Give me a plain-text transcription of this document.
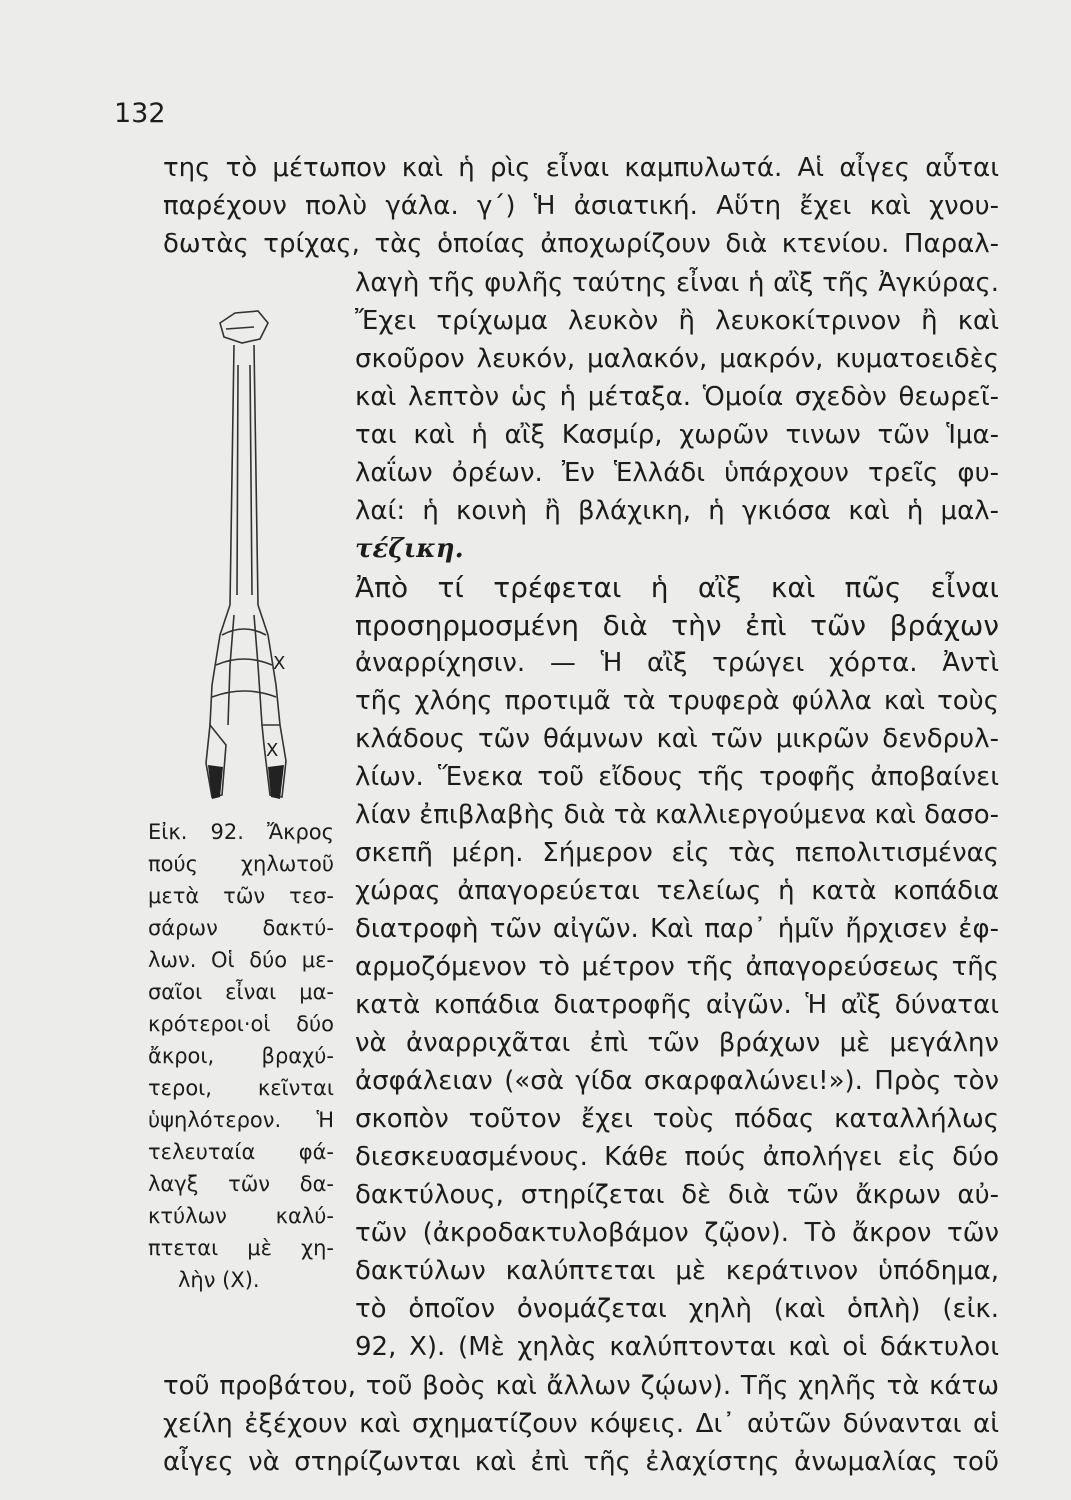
132
της τὸ μέτωπον καὶ ἡ ρὶς εἶναι καμπυλωτά. Αἱ αἶγες αὗται
παρέχουν πολὺ γάλα. γ΄) Ἡ ἀσιατική. Αὕτη ἔχει καὶ χνου-
δωτὰς τρίχας, τὰς ὁποίας ἀποχωρίζουν διὰ κτενίου. Παραλ-
λαγὴ τῆς φυλῆς ταύτης εἶναι ἡ αἲξ τῆς Ἀγκύρας.
Ἔχει τρίχωμα λευκὸν ἢ λευκοκίτρινον ἢ καὶ
σκοῦρον λευκόν, μαλακόν, μακρόν, κυματοειδὲς
καὶ λεπτὸν ὡς ἡ μέταξα. Ὁμοία σχεδὸν θεωρεῖ-
ται καὶ ἡ αἲξ Κασμίρ, χωρῶν τινων τῶν Ἱμα-
λαΐων ὀρέων. Ἐν Ἑλλάδι ὑπάρχουν τρεῖς φυ-
λαί: ἡ κοινὴ ἢ βλάχικη, ἡ γκιόσα καὶ ἡ μαλ-
τέζικη.
Ἀπὸ τί τρέφεται ἡ αἲξ καὶ πῶς εἶναι
προσηρμοσμένη διὰ τὴν ἐπὶ τῶν βράχων
ἀναρρίχησιν. — Ἡ αἲξ τρώγει χόρτα. Ἀντὶ
τῆς χλόης προτιμᾶ τὰ τρυφερὰ φύλλα καὶ τοὺς
κλάδους τῶν θάμνων καὶ τῶν μικρῶν δενδρυλ-
λίων. Ἕνεκα τοῦ εἴδους τῆς τροφῆς ἀποβαίνει
λίαν ἐπιβλαβὴς διὰ τὰ καλλιεργούμενα καὶ δασο-
σκεπῆ μέρη. Σήμερον εἰς τὰς πεπολιτισμένας
χώρας ἀπαγορεύεται τελείως ἡ κατὰ κοπάδια
διατροφὴ τῶν αἰγῶν. Καὶ παρ᾽ ἡμῖν ἤρχισεν ἐφ-
αρμοζόμενον τὸ μέτρον τῆς ἀπαγορεύσεως τῆς
κατὰ κοπάδια διατροφῆς αἰγῶν. Ἡ αἲξ δύναται
νὰ ἀναρριχᾶται ἐπὶ τῶν βράχων μὲ μεγάλην
ἀσφάλειαν («σὰ γίδα σκαρφαλώνει!»). Πρὸς τὸν
σκοπὸν τοῦτον ἔχει τοὺς πόδας καταλλήλως
διεσκευασμένους. Κάθε πούς ἀπολήγει εἰς δύο
δακτύλους, στηρίζεται δὲ διὰ τῶν ἄκρων αὐ-
τῶν (ἀκροδακτυλοβάμον ζῷον). Τὸ ἄκρον τῶν
δακτύλων καλύπτεται μὲ κεράτινον ὑπόδημα,
τὸ ὁποῖον ὀνομάζεται χηλὴ (καὶ ὁπλὴ) (εἰκ.
92, Χ). (Μὲ χηλὰς καλύπτονται καὶ οἱ δάκτυλοι
τοῦ προβάτου, τοῦ βοὸς καὶ ἄλλων ζῴων). Τῆς χηλῆς τὰ κάτω
χείλη ἐξέχουν καὶ σχηματίζουν κόψεις. Δι᾽ αὐτῶν δύνανται αἱ
αἶγες νὰ στηρίζωνται καὶ ἐπὶ τῆς ἐλαχίστης ἀνωμαλίας τοῦ
X
X
Εἰκ. 92. Ἄκρος
πούς χηλωτοῦ
μετὰ τῶν τεσ-
σάρων δακτύ-
λων. Οἱ δύο με-
σαῖοι εἶναι μα-
κρότεροι·οἱ δύο
ἄκροι, βραχύ-
τεροι, κεῖνται
ὑψηλότερον. Ἡ
τελευταία φά-
λαγξ τῶν δα-
κτύλων καλύ-
πτεται μὲ χη-
λὴν (Χ).
